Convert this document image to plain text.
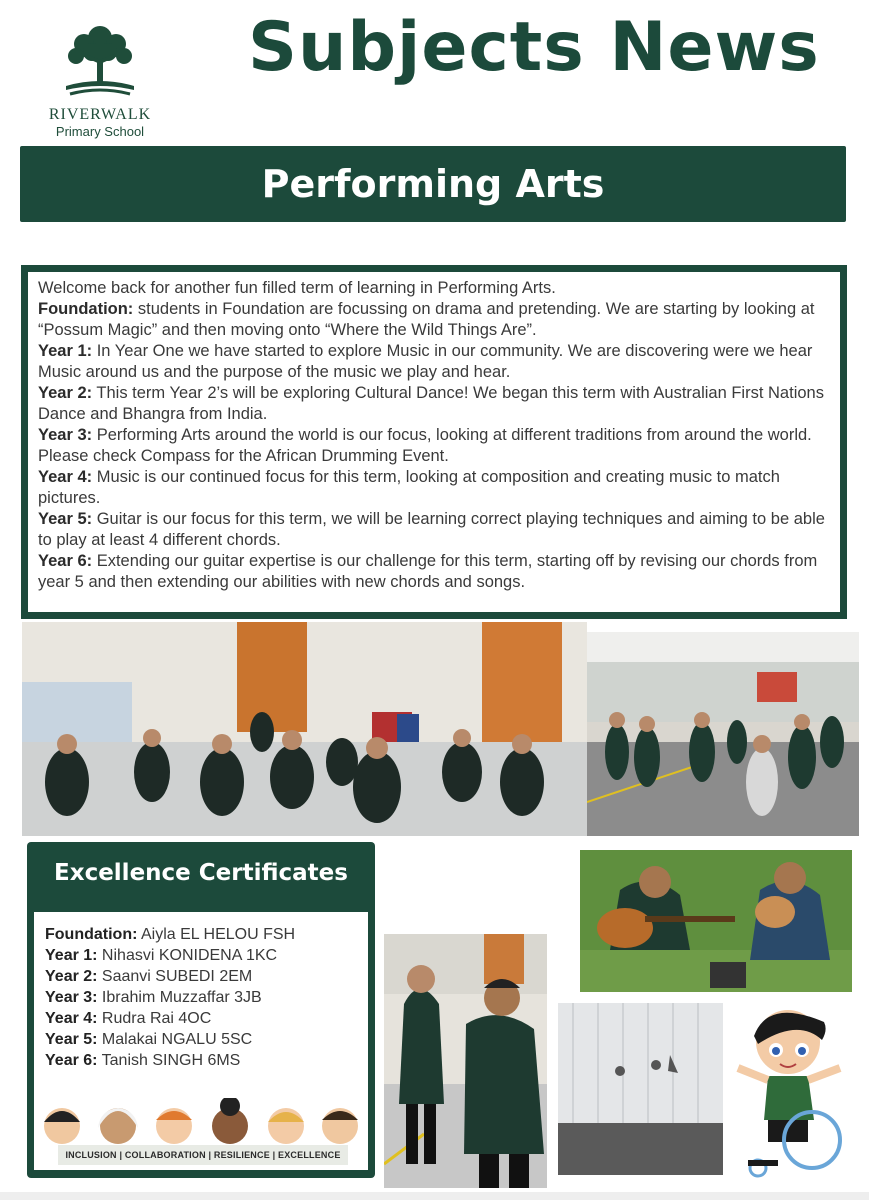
RIVERWALK
Primary School
Subjects News
Performing Arts

Welcome back for another fun filled term of learning in Performing Arts.

Foundation: students in Foundation are focussing on drama and pretending. We are starting by looking at “Possum Magic” and then moving onto “Where the Wild Things Are”.

Year 1: In Year One we have started to explore Music in our community. We are discovering were we hear Music around us and the purpose of the music we play and hear.

Year 2: This term Year 2’s will be exploring Cultural Dance! We began this term with Australian First Nations Dance and Bhangra from India.

Year 3: Performing Arts around the world is our focus, looking at different traditions from around the world. Please check Compass for the African Drumming Event.

Year 4: Music is our continued focus for this term, looking at composition and creating music to match pictures.

Year 5: Guitar is our focus for this term, we will be learning correct playing techniques and aiming to be able to play at least 4 different chords.

Year 6: Extending our guitar expertise is our challenge for this term, starting off by revising our chords from year 5 and then extending our abilities with new chords and songs.

Excellence Certificates
Foundation: Aiyla EL HELOU FSH
Year 1: Nihasvi KONIDENA 1KC
Year 2: Saanvi SUBEDI 2EM
Year 3: Ibrahim Muzzaffar 3JB
Year 4: Rudra Rai 4OC
Year 5: Malakai NGALU 5SC
Year 6: Tanish SINGH 6MS
INCLUSION | COLLABORATION | RESILIENCE | EXCELLENCE
